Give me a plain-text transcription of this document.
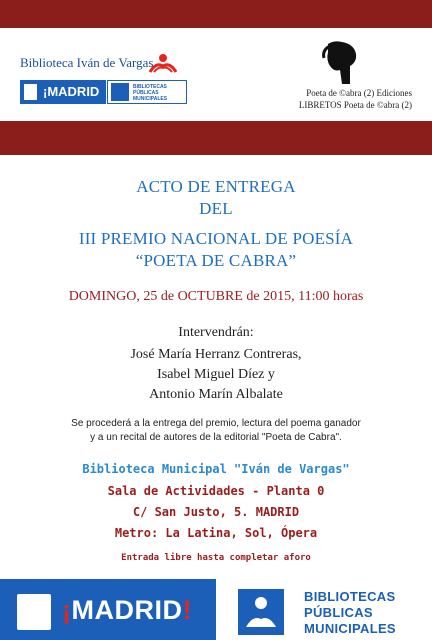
Biblioteca Iván de Vargas
¡MADRID	BIBLIOTECAS
PÚBLICAS
MUNICIPALES
Poeta de ©abra (2) Ediciones
LIBRETOS Poeta de ©abra (2)
ACTO DE ENTREGA
DEL
III PREMIO NACIONAL DE POESÍA
“POETA DE CABRA”
DOMINGO, 25 de OCTUBRE de 2015, 11:00 horas
Intervendrán:
José María Herranz Contreras,
Isabel Miguel Díez y
Antonio Marín Albalate
Se procederá a la entrega del premio, lectura del poema ganador
y a un recital de autores de la editorial "Poeta de Cabra".
Biblioteca Municipal "Iván de Vargas"
Sala de Actividades - Planta 0
C/ San Justo, 5. MADRID
Metro: La Latina, Sol, Ópera
Entrada libre hasta completar aforo
¡MADRID!	BIBLIOTECAS
PÚBLICAS
MUNICIPALES
